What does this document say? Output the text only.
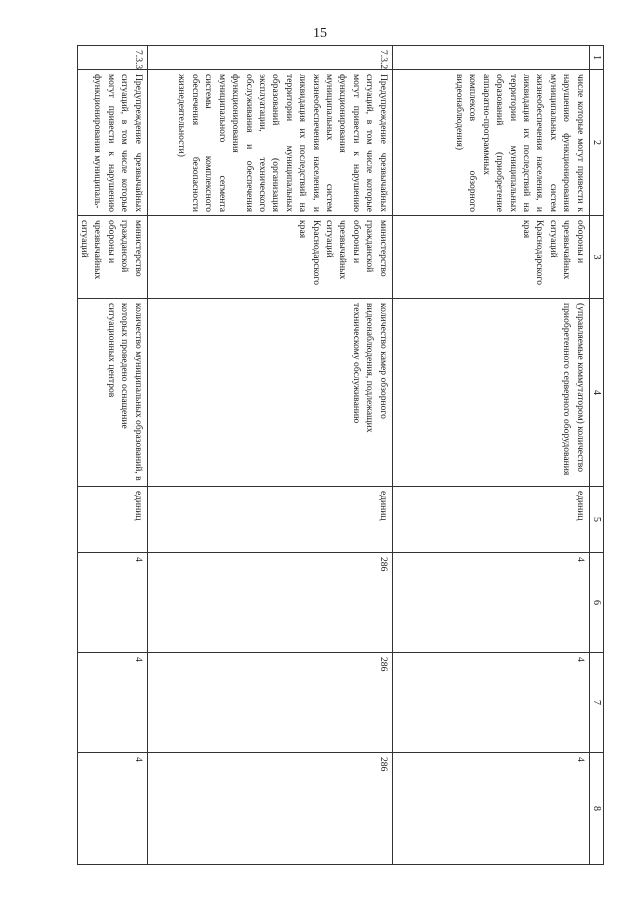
15
1	2	3	4	5	6	7	8
	числе которые могут привести к нарушению функционирования муниципальных систем жизнеобеспечения населения, и ликвидация их последствий на территории муниципальных образований (приобретение аппаратно-программных комплексов обзорного видеонаблюдения)	обороны и чрезвычайных ситуаций Краснодарского края	(управляемые коммутатором) количество приобретенного серверного оборудования	единиц	4	4	4
7.3.2	Предупреждение чрезвычайных ситуаций, в том числе которые могут привести к нарушению функционирования муниципальных систем жизнеобеспечения населения, и ликвидация их последствий на территории муниципальных образований (организация эксплуатации, технического обслуживания и обеспечения функционирования муниципального сегмента системы комплексного обеспечения безопасности жизнедеятельности)	министерство гражданской обороны и чрезвычайных ситуаций Краснодарского края	количество камер обзорного видеонаблюдения, подлежащих техническому обслуживанию	единиц	286	286	286
7.3.3	Предупреждение чрезвычайных ситуаций, в том числе которые могут привести к нарушению функционирования муниципаль-	министерство гражданской обороны и чрезвычайных ситуаций	количество муниципальных образований, в которых проведено оснащение ситуационных центров	единиц	4	4	4
